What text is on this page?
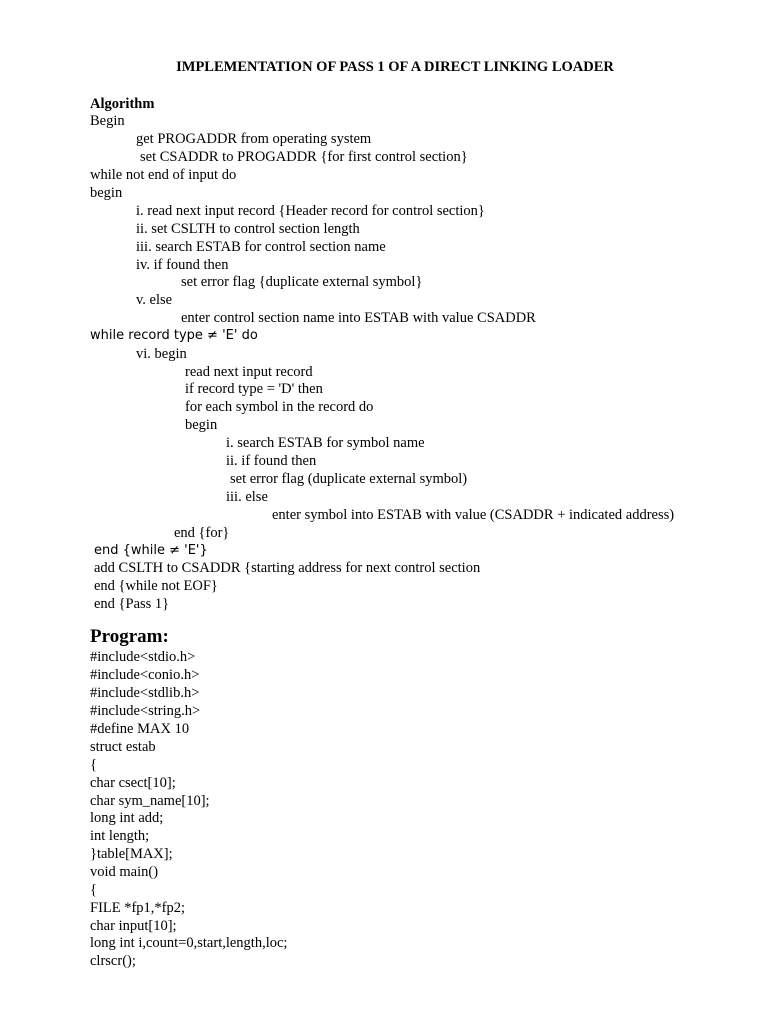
IMPLEMENTATION OF PASS 1 OF A DIRECT LINKING LOADER
Algorithm
Begin
get PROGADDR from operating system
set CSADDR to PROGADDR {for first control section}
while not end of input do
begin
i. read next input record {Header record for control section}
ii. set CSLTH to control section length
iii. search ESTAB for control section name
iv. if found then
set error flag {duplicate external symbol}
v. else
enter control section name into ESTAB with value CSADDR
while record type ≠ 'E' do
vi. begin
read next input record
if record type = 'D' then
for each symbol in the record do
begin
i. search ESTAB for symbol name
ii. if found then
set error flag (duplicate external symbol)
iii. else
enter symbol into ESTAB with value (CSADDR + indicated address)
end {for}
end {while ≠ 'E'}
add CSLTH to CSADDR {starting address for next control section
end {while not EOF}
end {Pass 1}
Program:
#include<stdio.h>
#include<conio.h>
#include<stdlib.h>
#include<string.h>
#define MAX 10
struct estab
{
char csect[10];
char sym_name[10];
long int add;
int length;
}table[MAX];
void main()
{
FILE *fp1,*fp2;
char input[10];
long int i,count=0,start,length,loc;
clrscr();
